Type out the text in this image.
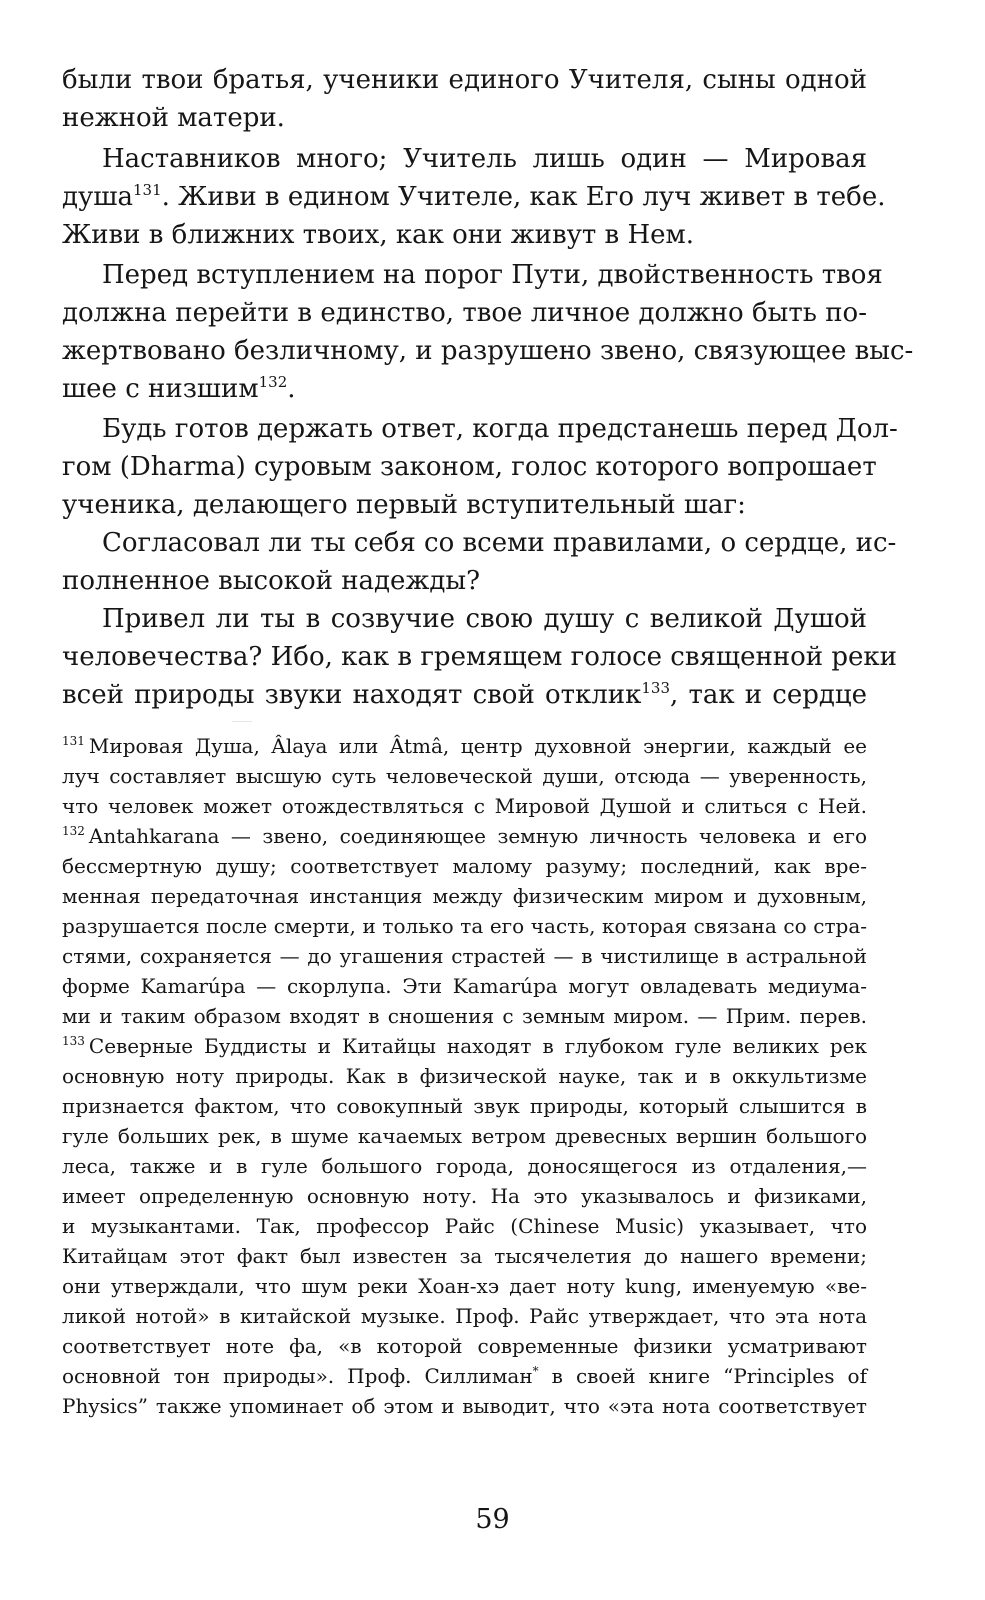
были твои братья, ученики единого Учителя, сыны одной
нежной матери.
Наставников много; Учитель лишь один — Мировая
душа$^{131}$. Живи в едином Учителе, как Его луч живет в тебе.
Живи в ближних твоих, как они живут в Нем.
Перед вступлением на порог Пути, двойственность твоя
должна перейти в единство, твое личное должно быть по-
жертвовано безличному, и разрушено звено, связующее выс-
шее с низшим$^{132}$.
Будь готов держать ответ, когда предстанешь перед Дол-
гом (Dharma) суровым законом, голос которого вопрошает
ученика, делающего первый вступительный шаг:
Согласовал ли ты себя со всеми правилами, о сердце, ис-
полненное высокой надежды?
Привел ли ты в созвучие свою душу с великой Душой
человечества? Ибо, как в гремящем голосе священной реки
всей природы звуки находят свой отклик$^{133}$, так и сердце
$^{131}$ Мировая Душа, Âlaya или Âtmâ, центр духовной энергии, каждый ее
луч составляет высшую суть человеческой души, отсюда — уверенность,
что человек может отождествляться с Мировой Душой и слиться с Ней.
$^{132}$ Antahkarana — звено, соединяющее земную личность человека и его
бессмертную душу; соответствует малому разуму; последний, как вре-
менная передаточная инстанция между физическим миром и духовным,
разрушается после смерти, и только та его часть, которая связана со стра-
стями, сохраняется — до угашения страстей — в чистилище в астральной
форме Kamarúpa — скорлупа. Эти Kamarúpa могут овладевать медиума-
ми и таким образом входят в сношения с земным миром. — Прим. перев.
$^{133}$ Северные Буддисты и Китайцы находят в глубоком гуле великих рек
основную ноту природы. Как в физической науке, так и в оккультизме
признается фактом, что совокупный звук природы, который слышится в
гуле больших рек, в шуме качаемых ветром древесных вершин большого
леса, также и в гуле большого города, доносящегося из отдаления,—
имеет определенную основную ноту. На это указывалось и физиками,
и музыкантами. Так, профессор Райс (Chinese Music) указывает, что
Китайцам этот факт был известен за тысячелетия до нашего времени;
они утверждали, что шум реки Хоан-хэ дает ноту kung, именуемую «ве-
ликой нотой» в китайской музыке. Проф. Райс утверждает, что эта нота
соответствует ноте фа, «в которой современные физики усматривают
основной тон природы». Проф. Силлиман* в своей книге “Principles of
Physics” также упоминает об этом и выводит, что «эта нота соответствует
59
